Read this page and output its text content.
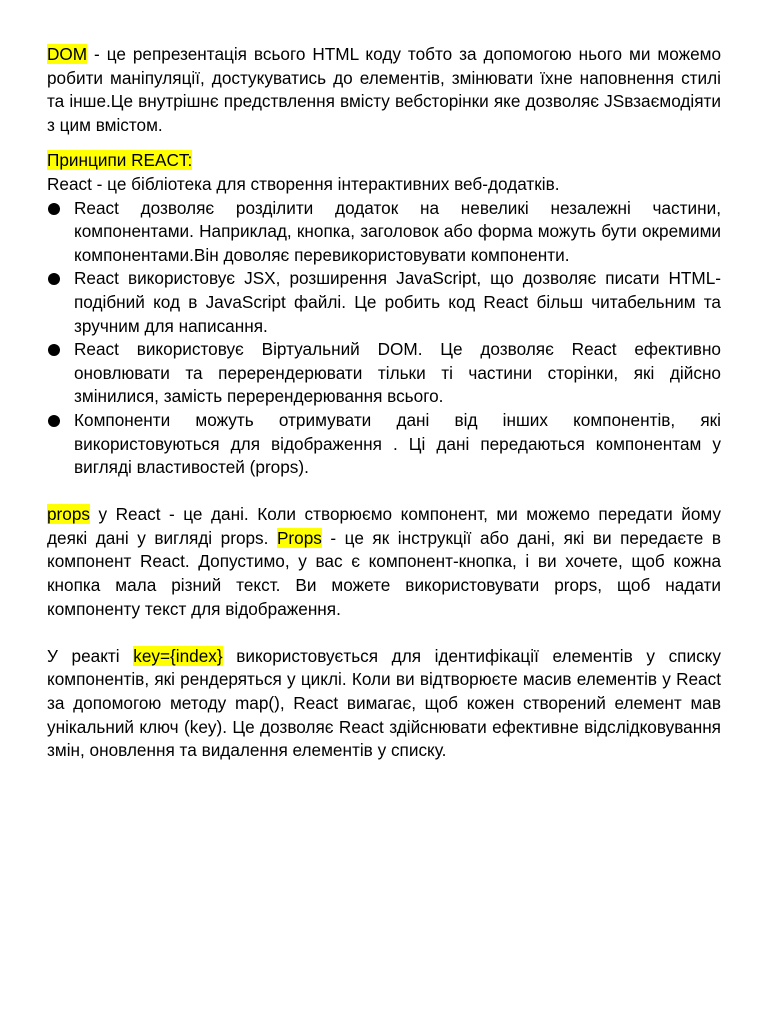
DOM - це репрезентація всього HTML коду тобто за допомогою нього ми можемо робити маніпуляції, достукуватись до елементів, змінювати їхне наповнення стилі та інше.Це внутрішнє предствлення вмісту вебсторінки яке дозволяє JSвзаємодіяти з цим вмістом.

Принципи REACT:

React - це бібліотека для створення інтерактивних веб-додатків.

React дозволяє розділити додаток на невеликі незалежні частини, компонентами. Наприклад, кнопка, заголовок або форма можуть бути окремими компонентами.Він доволяє перевикористовувати компоненти.
React використовує JSX, розширення JavaScript, що дозволяє писати HTML-подібний код в JavaScript файлі. Це робить код React більш читабельним та зручним для написання.
React використовує Віртуальний DOM. Це дозволяє React ефективно оновлювати та перерендерювати тільки ті частини сторінки, які дійсно змінилися, замість перерендерювання всього.
Компоненти можуть отримувати дані від інших компонентів, які використовуються для відображення . Ці дані передаються компонентам у вигляді властивостей (props).

props у React - це дані. Коли створюємо компонент, ми можемо передати йому деякі дані у вигляді props. Props - це як інструкції або дані, які ви передаєте в компонент React. Допустимо, у вас є компонент-кнопка, і ви хочете, щоб кожна кнопка мала різний текст. Ви можете використовувати props, щоб надати компоненту текст для відображення.

У реакті key={index} використовується для ідентифікації елементів у списку компонентів, які рендеряться у циклі. Коли ви відтворюєте масив елементів у React за допомогою методу map(), React вимагає, щоб кожен створений елемент мав унікальний ключ (key). Це дозволяє React здійснювати ефективне відслідковування змін, оновлення та видалення елементів у списку.
